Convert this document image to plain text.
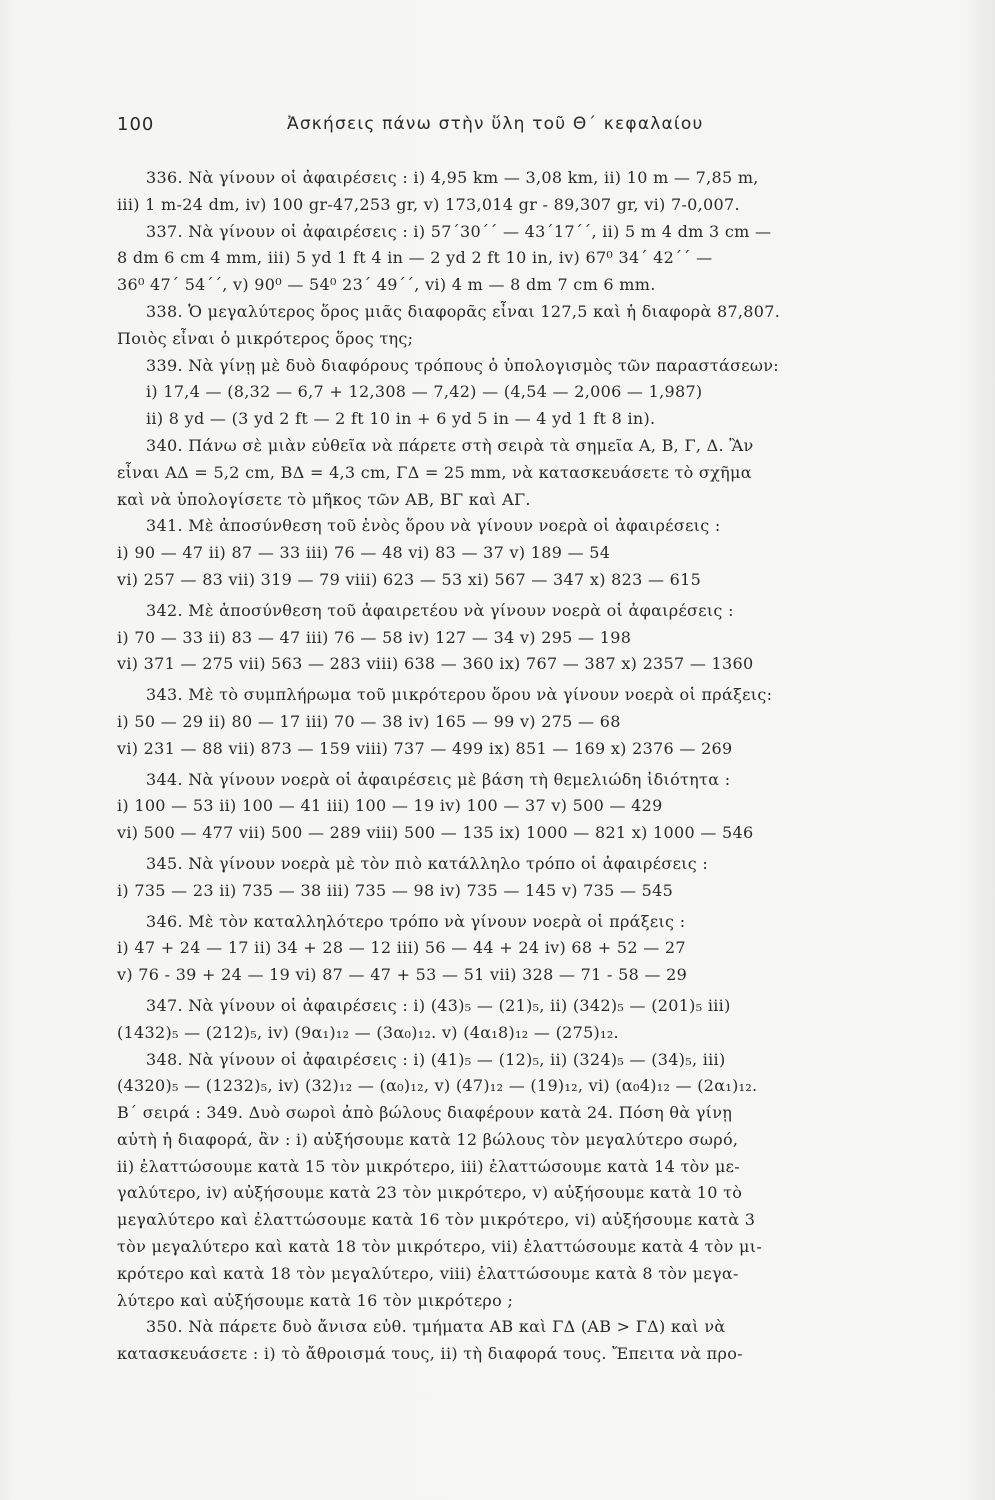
100	Ἀσκήσεις πάνω στὴν ὕλη τοῦ Θ΄ κεφαλαίου
336. Νὰ γίνουν οἱ ἀφαιρέσεις : i) 4,95 km — 3,08 km, ii) 10 m — 7,85 m,
iii) 1 m-24 dm, iv) 100 gr-47,253 gr, v) 173,014 gr - 89,307 gr, vi) 7-0,007.
337. Νὰ γίνουν οἱ ἀφαιρέσεις : i) 57΄30΄΄ — 43΄17΄΄, ii) 5 m 4 dm 3 cm —
8 dm 6 cm 4 mm, iii) 5 yd 1 ft 4 in — 2 yd 2 ft 10 in, iv) 67⁰ 34΄ 42΄΄ —
36⁰ 47΄ 54΄΄, v) 90⁰ — 54⁰ 23΄ 49΄΄, vi) 4 m — 8 dm 7 cm 6 mm.
338. Ὁ μεγαλύτερος ὅρος μιᾶς διαφορᾶς εἶναι 127,5 καὶ ἡ διαφορὰ 87,807.
Ποιὸς εἶναι ὁ μικρότερος ὅρος της;
339. Νὰ γίνῃ μὲ δυὸ διαφόρους τρόπους ὁ ὑπολογισμὸς τῶν παραστάσεων:
i) 17,4 — (8,32 — 6,7 + 12,308 — 7,42) — (4,54 — 2,006 — 1,987)
ii) 8 yd — (3 yd 2 ft — 2 ft 10 in + 6 yd 5 in — 4 yd 1 ft 8 in).
340. Πάνω σὲ μιὰν εὐθεῖα νὰ πάρετε στὴ σειρὰ τὰ σημεῖα Α, Β, Γ, Δ. Ἂν
εἶναι ΑΔ = 5,2 cm, ΒΔ = 4,3 cm, ΓΔ = 25 mm, νὰ κατασκευάσετε τὸ σχῆμα
καὶ νὰ ὑπολογίσετε τὸ μῆκος τῶν ΑΒ, ΒΓ καὶ ΑΓ.
341. Μὲ ἀποσύνθεση τοῦ ἑνὸς ὅρου νὰ γίνουν νοερὰ οἱ ἀφαιρέσεις :
i) 90 — 47 ii) 87 — 33 iii) 76 — 48 vi) 83 — 37 v) 189 — 54
vi) 257 — 83 vii) 319 — 79 viii) 623 — 53 xi) 567 — 347 x) 823 — 615
342. Μὲ ἀποσύνθεση τοῦ ἀφαιρετέου νὰ γίνουν νοερὰ οἱ ἀφαιρέσεις :
i) 70 — 33 ii) 83 — 47 iii) 76 — 58 iv) 127 — 34 v) 295 — 198
vi) 371 — 275 vii) 563 — 283 viii) 638 — 360 ix) 767 — 387 x) 2357 — 1360
343. Μὲ τὸ συμπλήρωμα τοῦ μικρότερου ὅρου νὰ γίνουν νοερὰ οἱ πράξεις:
i) 50 — 29 ii) 80 — 17 iii) 70 — 38 iv) 165 — 99 v) 275 — 68
vi) 231 — 88 vii) 873 — 159 viii) 737 — 499 ix) 851 — 169 x) 2376 — 269
344. Νὰ γίνουν νοερὰ οἱ ἀφαιρέσεις μὲ βάση τὴ θεμελιώδη ἰδιότητα :
i) 100 — 53 ii) 100 — 41 iii) 100 — 19 iv) 100 — 37 v) 500 — 429
vi) 500 — 477 vii) 500 — 289 viii) 500 — 135 ix) 1000 — 821 x) 1000 — 546
345. Νὰ γίνουν νοερὰ μὲ τὸν πιὸ κατάλληλο τρόπο οἱ ἀφαιρέσεις :
i) 735 — 23 ii) 735 — 38 iii) 735 — 98 iv) 735 — 145 v) 735 — 545
346. Μὲ τὸν καταλληλότερο τρόπο νὰ γίνουν νοερὰ οἱ πράξεις :
i) 47 + 24 — 17 ii) 34 + 28 — 12 iii) 56 — 44 + 24 iv) 68 + 52 — 27
v) 76 - 39 + 24 — 19 vi) 87 — 47 + 53 — 51 vii) 328 — 71 - 58 — 29
347. Νὰ γίνουν οἱ ἀφαιρέσεις : i) (43)₅ — (21)₅, ii) (342)₅ — (201)₅ iii)
(1432)₅ — (212)₅, iv) (9α₁)₁₂ — (3α₀)₁₂. v) (4α₁8)₁₂ — (275)₁₂.
348. Νὰ γίνουν οἱ ἀφαιρέσεις : i) (41)₅ — (12)₅, ii) (324)₅ — (34)₅, iii)
(4320)₅ — (1232)₅, iv) (32)₁₂ — (α₀)₁₂, v) (47)₁₂ — (19)₁₂, vi) (α₀4)₁₂ — (2α₁)₁₂.
Β΄ σειρά : 349. Δυὸ σωροὶ ἀπὸ βώλους διαφέρουν κατὰ 24. Πόση θὰ γίνῃ
αὐτὴ ἡ διαφορά, ἂν : i) αὐξήσουμε κατὰ 12 βώλους τὸν μεγαλύτερο σωρό,
ii) ἐλαττώσουμε κατὰ 15 τὸν μικρότερο, iii) ἐλαττώσουμε κατὰ 14 τὸν με-
γαλύτερο, iv) αὐξήσουμε κατὰ 23 τὸν μικρότερο, v) αὐξήσουμε κατὰ 10 τὸ
μεγαλύτερο καὶ ἐλαττώσουμε κατὰ 16 τὸν μικρότερο, vi) αὐξήσουμε κατὰ 3
τὸν μεγαλύτερο καὶ κατὰ 18 τὸν μικρότερο, vii) ἐλαττώσουμε κατὰ 4 τὸν μι-
κρότερο καὶ κατὰ 18 τὸν μεγαλύτερο, viii) ἐλαττώσουμε κατὰ 8 τὸν μεγα-
λύτερο καὶ αὐξήσουμε κατὰ 16 τὸν μικρότερο ;
350. Νὰ πάρετε δυὸ ἄνισα εὐθ. τμήματα ΑΒ καὶ ΓΔ (ΑΒ > ΓΔ) καὶ νὰ
κατασκευάσετε : i) τὸ ἄθροισμά τους, ii) τὴ διαφορά τους. Ἔπειτα νὰ προ-
